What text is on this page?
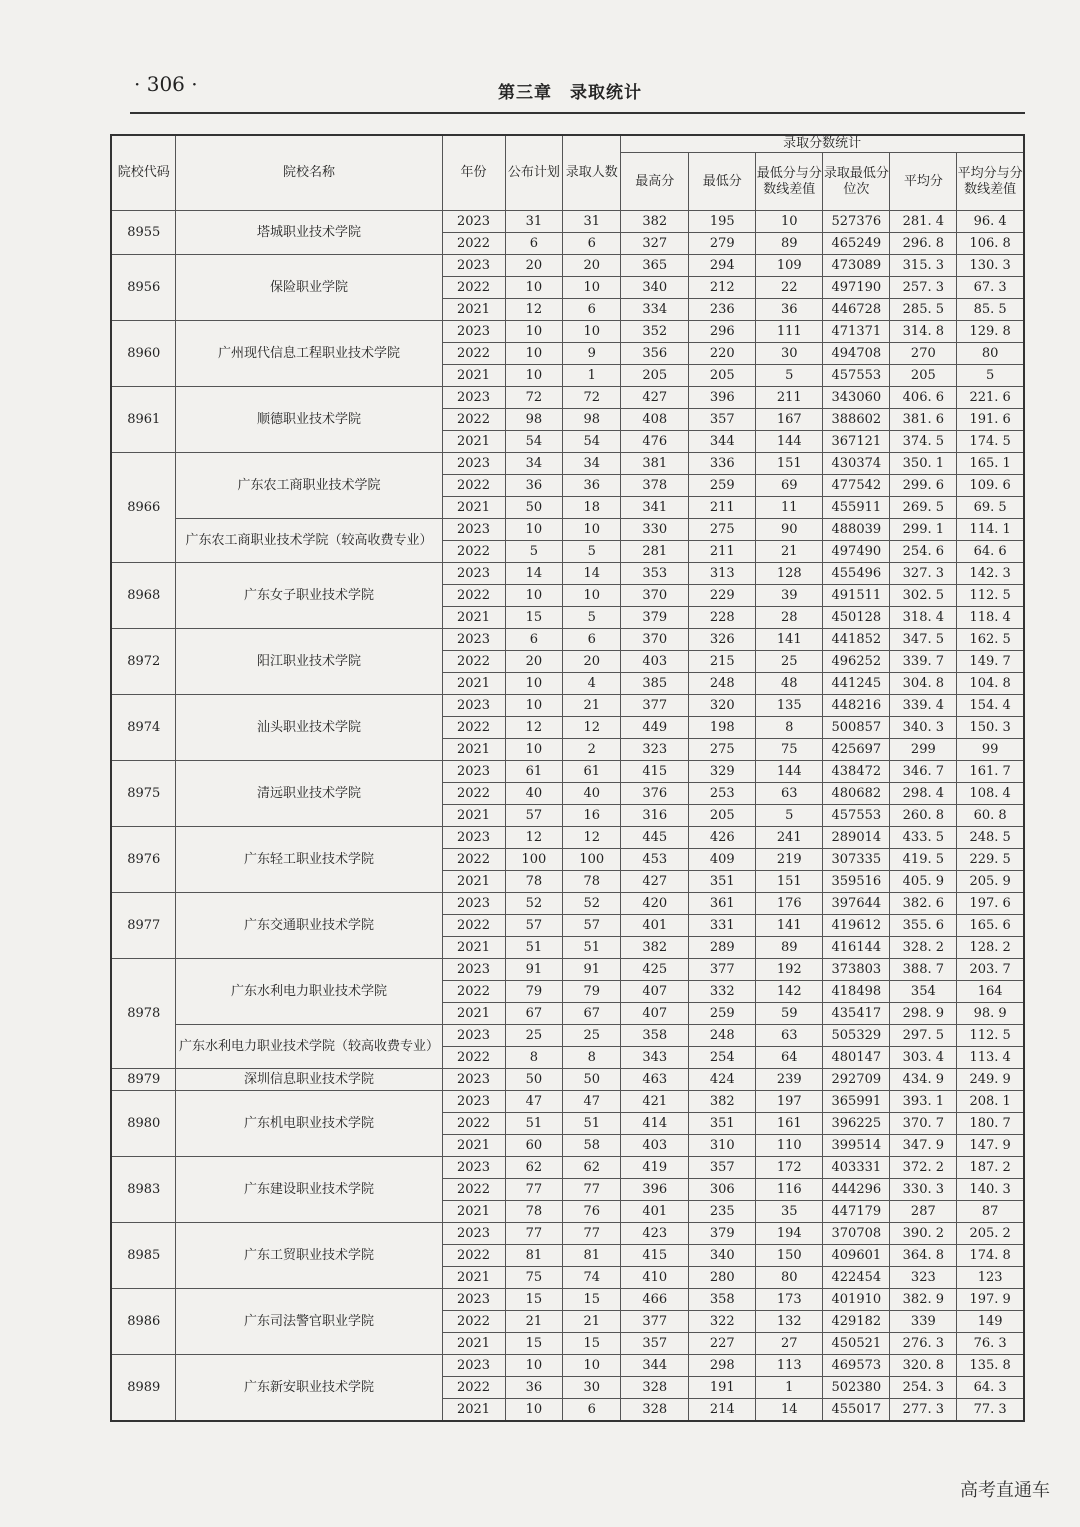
· 306 ·	第三章　录取统计
院校代码	院校名称	年份	公布计划	录取人数	录取分数统计					
					最高分	最低分	最低分与分数线差值	录取最低分位次	平均分	平均分与分数线差值
8955	塔城职业技术学院	2023	31	31	382	195	10	527376	281. 4	96. 4
		2022	6	6	327	279	89	465249	296. 8	106. 8
8956	保险职业学院	2023	20	20	365	294	109	473089	315. 3	130. 3
		2022	10	10	340	212	22	497190	257. 3	67. 3
		2021	12	6	334	236	36	446728	285. 5	85. 5
8960	广州现代信息工程职业技术学院	2023	10	10	352	296	111	471371	314. 8	129. 8
		2022	10	9	356	220	30	494708	270	80
		2021	10	1	205	205	5	457553	205	5
8961	顺德职业技术学院	2023	72	72	427	396	211	343060	406. 6	221. 6
		2022	98	98	408	357	167	388602	381. 6	191. 6
		2021	54	54	476	344	144	367121	374. 5	174. 5
8966	广东农工商职业技术学院	2023	34	34	381	336	151	430374	350. 1	165. 1
		2022	36	36	378	259	69	477542	299. 6	109. 6
		2021	50	18	341	211	11	455911	269. 5	69. 5
	广东农工商职业技术学院（较高收费专业）	2023	10	10	330	275	90	488039	299. 1	114. 1
		2022	5	5	281	211	21	497490	254. 6	64. 6
8968	广东女子职业技术学院	2023	14	14	353	313	128	455496	327. 3	142. 3
		2022	10	10	370	229	39	491511	302. 5	112. 5
		2021	15	5	379	228	28	450128	318. 4	118. 4
8972	阳江职业技术学院	2023	6	6	370	326	141	441852	347. 5	162. 5
		2022	20	20	403	215	25	496252	339. 7	149. 7
		2021	10	4	385	248	48	441245	304. 8	104. 8
8974	汕头职业技术学院	2023	10	21	377	320	135	448216	339. 4	154. 4
		2022	12	12	449	198	8	500857	340. 3	150. 3
		2021	10	2	323	275	75	425697	299	99
8975	清远职业技术学院	2023	61	61	415	329	144	438472	346. 7	161. 7
		2022	40	40	376	253	63	480682	298. 4	108. 4
		2021	57	16	316	205	5	457553	260. 8	60. 8
8976	广东轻工职业技术学院	2023	12	12	445	426	241	289014	433. 5	248. 5
		2022	100	100	453	409	219	307335	419. 5	229. 5
		2021	78	78	427	351	151	359516	405. 9	205. 9
8977	广东交通职业技术学院	2023	52	52	420	361	176	397644	382. 6	197. 6
		2022	57	57	401	331	141	419612	355. 6	165. 6
		2021	51	51	382	289	89	416144	328. 2	128. 2
8978	广东水利电力职业技术学院	2023	91	91	425	377	192	373803	388. 7	203. 7
		2022	79	79	407	332	142	418498	354	164
		2021	67	67	407	259	59	435417	298. 9	98. 9
	广东水利电力职业技术学院（较高收费专业）	2023	25	25	358	248	63	505329	297. 5	112. 5
		2022	8	8	343	254	64	480147	303. 4	113. 4
8979	深圳信息职业技术学院	2023	50	50	463	424	239	292709	434. 9	249. 9
8980	广东机电职业技术学院	2023	47	47	421	382	197	365991	393. 1	208. 1
		2022	51	51	414	351	161	396225	370. 7	180. 7
		2021	60	58	403	310	110	399514	347. 9	147. 9
8983	广东建设职业技术学院	2023	62	62	419	357	172	403331	372. 2	187. 2
		2022	77	77	396	306	116	444296	330. 3	140. 3
		2021	78	76	401	235	35	447179	287	87
8985	广东工贸职业技术学院	2023	77	77	423	379	194	370708	390. 2	205. 2
		2022	81	81	415	340	150	409601	364. 8	174. 8
		2021	75	74	410	280	80	422454	323	123
8986	广东司法警官职业学院	2023	15	15	466	358	173	401910	382. 9	197. 9
		2022	21	21	377	322	132	429182	339	149
		2021	15	15	357	227	27	450521	276. 3	76. 3
8989	广东新安职业技术学院	2023	10	10	344	298	113	469573	320. 8	135. 8
		2022	36	30	328	191	1	502380	254. 3	64. 3
		2021	10	6	328	214	14	455017	277. 3	77. 3
高考直通车
